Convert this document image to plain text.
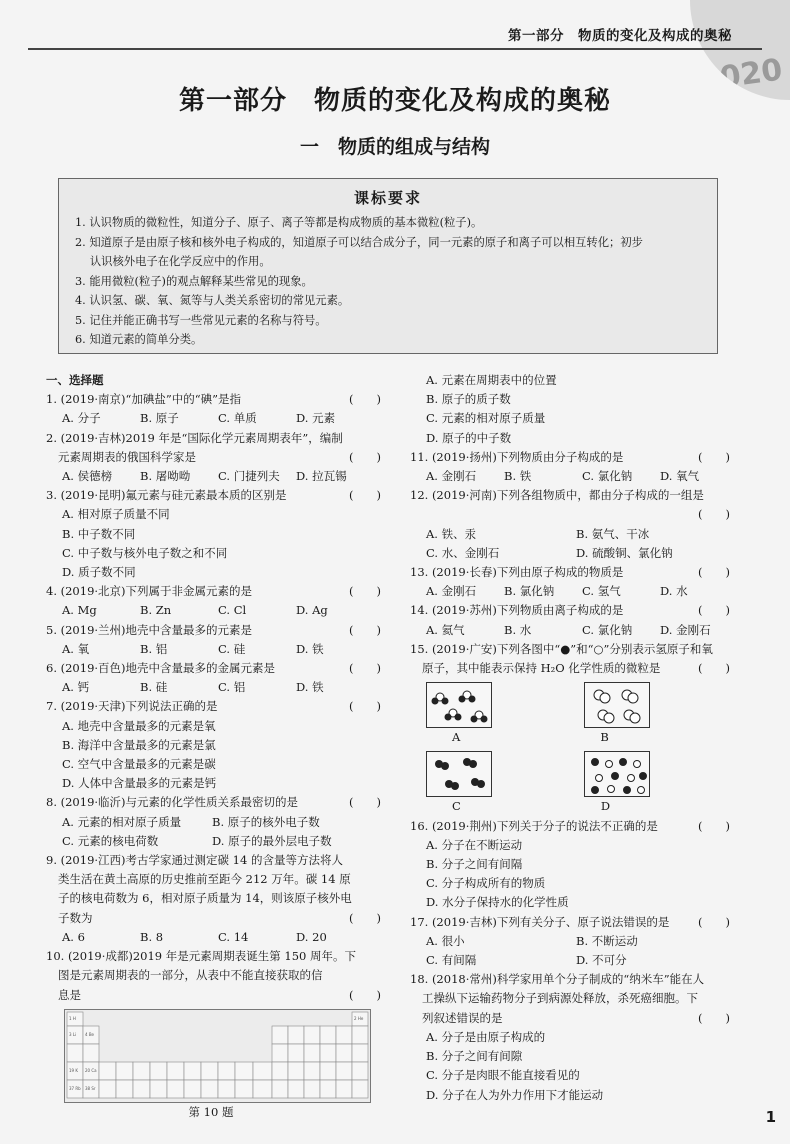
2020
第一部分　物质的变化及构成的奥秘
第一部分　物质的变化及构成的奥秘
一　物质的组成与结构
课标要求
1. 认识物质的微粒性，知道分子、原子、离子等都是构成物质的基本微粒(粒子)。
2. 知道原子是由原子核和核外电子构成的，知道原子可以结合成分子，同一元素的原子和离子可以相互转化；初步
　 认识核外电子在化学反应中的作用。
3. 能用微粒(粒子)的观点解释某些常见的现象。
4. 认识氢、碳、氧、氮等与人类关系密切的常见元素。
5. 记住并能正确书写一些常见元素的名称与符号。
6. 知道元素的简单分类。
一、选择题
1. (2019·南京)“加碘盐”中的“碘”是指	(　　)
A. 分子	B. 原子	C. 单质	D. 元素
2. (2019·吉林)2019 年是“国际化学元素周期表年”，编制
元素周期表的俄国科学家是	(　　)
A. 侯德榜	B. 屠呦呦	C. 门捷列夫	D. 拉瓦锡
3. (2019·昆明)氟元素与硅元素最本质的区别是	(　　)
A. 相对原子质量不同
B. 中子数不同
C. 中子数与核外电子数之和不同
D. 质子数不同
4. (2019·北京)下列属于非金属元素的是	(　　)
A. Mg	B. Zn	C. Cl	D. Ag
5. (2019·兰州)地壳中含量最多的元素是	(　　)
A. 氧	B. 铝	C. 硅	D. 铁
6. (2019·百色)地壳中含量最多的金属元素是	(　　)
A. 钙	B. 硅	C. 铝	D. 铁
7. (2019·天津)下列说法正确的是	(　　)
A. 地壳中含量最多的元素是氧
B. 海洋中含量最多的元素是氯
C. 空气中含量最多的元素是碳
D. 人体中含量最多的元素是钙
8. (2019·临沂)与元素的化学性质关系最密切的是	(　　)
A. 元素的相对原子质量	B. 原子的核外电子数
C. 元素的核电荷数	D. 原子的最外层电子数
9. (2019·江西)考古学家通过测定碳 14 的含量等方法将人
类生活在黄土高原的历史推前至距今 212 万年。碳 14 原
子的核电荷数为 6，相对原子质量为 14，则该原子核外电
子数为	(　　)
A. 6	B. 8	C. 14	D. 20
10. (2019·成都)2019 年是元素周期表诞生第 150 周年。下
图是元素周期表的一部分，从表中不能直接获取的信
息是	(　　)
1 H	2 He
3 Li 4 Be
19 K 20 Ca
37 Rb 38 Sr
第 10 题
A. 元素在周期表中的位置
B. 原子的质子数
C. 元素的相对原子质量
D. 原子的中子数
11. (2019·扬州)下列物质由分子构成的是	(　　)
A. 金刚石	B. 铁	C. 氯化钠	D. 氧气
12. (2019·河南)下列各组物质中，都由分子构成的一组是
(　　)

A. 铁、汞	B. 氨气、干冰
C. 水、金刚石	D. 硫酸铜、氯化钠
13. (2019·长春)下列由原子构成的物质是	(　　)
A. 金刚石	B. 氯化钠	C. 氢气	D. 水
14. (2019·苏州)下列物质由离子构成的是	(　　)
A. 氦气	B. 水	C. 氯化钠	D. 金刚石
15. (2019·广安)下列各图中“●”和“○”分别表示氢原子和氧
原子，其中能表示保持 H₂O 化学性质的微粒是	(　　)
A	B
C	D
16. (2019·荆州)下列关于分子的说法不正确的是	(　　)
A. 分子在不断运动
B. 分子之间有间隔
C. 分子构成所有的物质
D. 水分子保持水的化学性质
17. (2019·吉林)下列有关分子、原子说法错误的是 (　　)
A. 很小	B. 不断运动
C. 有间隔	D. 不可分
18. (2018·常州)科学家用单个分子制成的“纳米车”能在人
工操纵下运输药物分子到病源处释放，杀死癌细胞。下
列叙述错误的是	(　　)
A. 分子是由原子构成的
B. 分子之间有间隙
C. 分子是肉眼不能直接看见的
D. 分子在人为外力作用下才能运动
1
